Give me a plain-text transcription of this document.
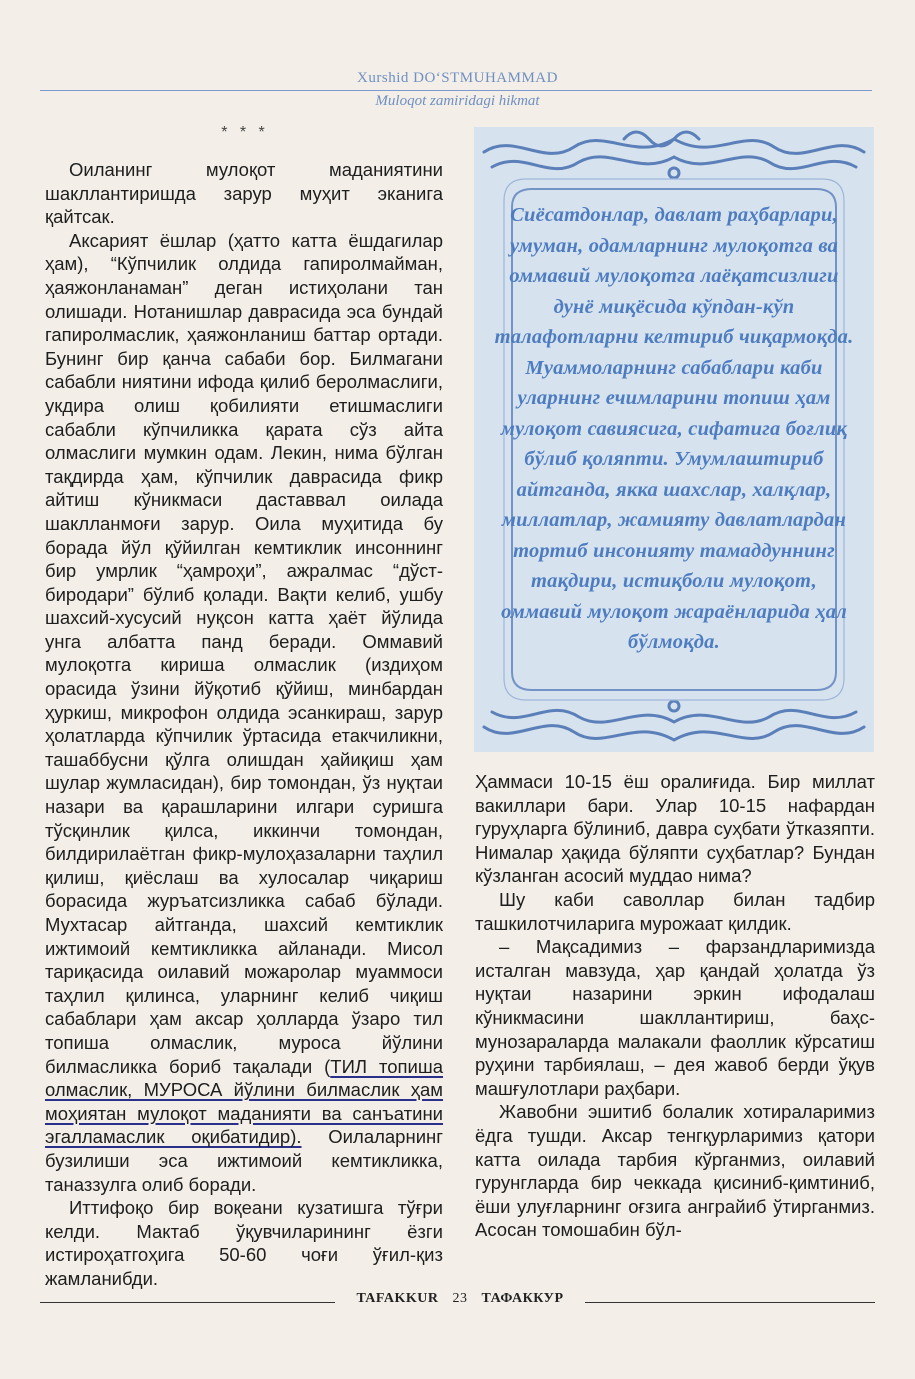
Xurshid DO‘STMUHAMMAD
Muloqot zamiridagi hikmat
* * *

Оиланинг мулоқот маданиятини шакллантиришда зарур муҳит эканига қайтсак.

Аксарият ёшлар (ҳатто катта ёшдагилар ҳам), “Кўпчилик олдида гапиролмайман, ҳаяжонланаман” деган истиҳолани тан олишади. Нотанишлар даврасида эса бундай гапиролмаслик, ҳаяжонланиш баттар ортади. Бунинг бир қанча сабаби бор. Билмагани сабабли ниятини ифода қилиб беролмаслиги, укдира олиш қобилияти етишмаслиги сабабли кўпчиликка қарата сўз айта олмаслиги мумкин одам. Лекин, нима бўлган тақдирда ҳам, кўпчилик даврасида фикр айтиш кўникмаси даставвал оилада шаклланмоғи зарур. Оила муҳитида бу борада йўл қўйилган кемтиклик инсоннинг бир умрлик “ҳамроҳи”, ажралмас “дўст-биродари” бўлиб қолади. Вақти келиб, ушбу шахсий-хусусий нуқсон катта ҳаёт йўлида унга албатта панд беради. Оммавий мулоқотга кириша олмаслик (издиҳом орасида ўзини йўқотиб қўйиш, минбардан ҳуркиш, микрофон олдида эсанкираш, зарур ҳолатларда кўпчилик ўртасида етакчиликни, ташаббусни қўлга олишдан ҳайиқиш ҳам шулар жумласидан), бир томондан, ўз нуқтаи назари ва қарашларини илгари суришга тўсқинлик қилса, иккинчи томондан, билдирилаётган фикр-мулоҳазаларни таҳлил қилиш, қиёслаш ва хулосалар чиқариш борасида журъатсизликка сабаб бўлади. Мухтасар айтганда, шахсий кемтиклик ижтимоий кемтикликка айланади. Мисол тариқасида оилавий можаролар муаммоси таҳлил қилинса, уларнинг келиб чиқиш сабаблари ҳам аксар ҳолларда ўзаро тил топиша олмаслик, муроса йўлини билмасликка бориб тақалади (ТИЛ топиша олмаслик, МУРОСА йўлини билмаслик ҳам моҳиятан мулоқот маданияти ва санъатини эгалламаслик оқибатидир). Оилаларнинг бузилиши эса ижтимоий кемтикликка, таназзулга олиб боради.

Иттифоқо бир воқеани кузатишга тўғри келди. Мактаб ўқувчиларининг ёзги истироҳатгоҳига 50-60 чоғи ўғил-қиз жамланибди.

Сиёсатдонлар, давлат раҳбарлари, умуман, одамларнинг мулоқотга ва оммавий мулоқотга лаёқатсизлиги дунё миқёсида кўпдан-кўп талафотларни келтириб чиқармоқда. Муаммоларнинг сабаблари каби уларнинг ечимларини топиш ҳам мулоқот савиясига, сифатига боғлиқ бўлиб қоляпти. Умумлаштириб айтганда, якка шахслар, халқлар, миллатлар, жамияту давлатлардан тортиб инсонияту тамаддуннинг тақдири, истиқболи мулоқот, оммавий мулоқот жараёнларида ҳал бўлмоқда.

Ҳаммаси 10-15 ёш оралиғида. Бир миллат вакиллари бари. Улар 10-15 нафардан гуруҳларга бўлиниб, давра суҳбати ўтказяпти. Нималар ҳақида бўляпти суҳбатлар? Бундан кўзланган асосий муддао нима?

Шу каби саволлар билан тадбир ташкилотчиларига мурожаат қилдик.

– Мақсадимиз – фарзандларимизда исталган мавзуда, ҳар қандай ҳолатда ўз нуқтаи назарини эркин ифодалаш кўникмасини шакллантириш, баҳс-мунозараларда малакали фаоллик кўрсатиш руҳини тарбиялаш, – дея жавоб берди ўқув машғулотлари раҳбари.

Жавобни эшитиб болалик хотираларимиз ёдга тушди. Аксар тенгқурларимиз қатори катта оилада тарбия кўрганмиз, оилавий гурунгларда бир чеккада қисиниб-қимтиниб, ёши улуғларнинг оғзига анграйиб ўтирганмиз. Асосан томошабин бўл-

TAFAKKUR 23 ТАФАККУР
